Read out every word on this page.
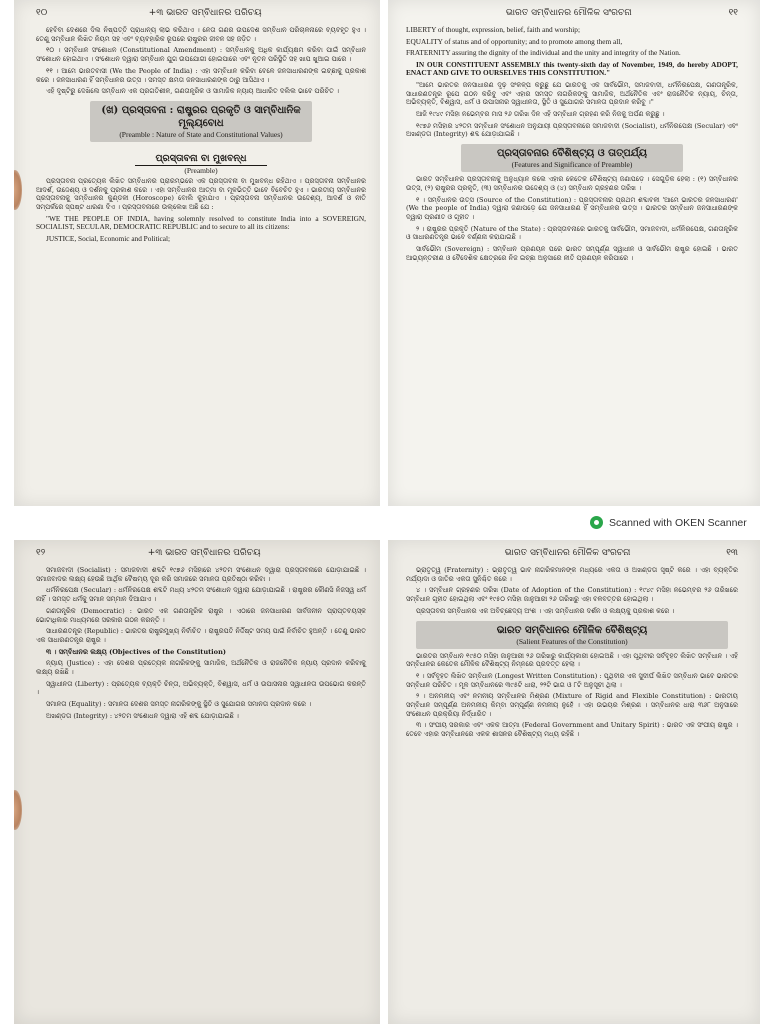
୧୦	+୩ ଭାରତ ସମ୍ବିଧାନର ପରିଚୟ

ହେବିବା ଦେଶରେ ଦିଲ ନିଷ୍ପତ୍ତି ପ୍ରାଧାନ୍ୟ ଲାଭ କରିଥାଏ । ନେତା ଗଣର ଉପଦେଶ ସମ୍ବିଧାନ ପରିଚାଳନାରେ ବ୍ୟବହୃତ ହୁଏ । ତେଣୁ ସମ୍ବିଧାନ ଲିଖିତ ନିୟମ ସହ ଏବଂ ବ୍ୟବହାରିକ ରୂପରେ ରାଷ୍ଟ୍ରର ଜୀବନ ସହ ଜଡ଼ିତ ।

୧୦ । ସମ୍ବିଧାନ ସଂଶୋଧନ (Constitutional Amendment) : ସମ୍ବିଧାନକୁ ଅଧିକ କାର୍ଯ୍ୟକ୍ଷମ କରିବା ପାଇଁ ସମ୍ବିଧାନ ସଂଶୋଧନ ହୋଇଥାଏ । ସଂଶୋଧନ ଦ୍ୱାରା ସମ୍ବିଧାନ ଯୁଗ ଉପଯୋଗୀ ହୋଇପାରେ ଏବଂ ନୂତନ ପରିସ୍ଥିତି ସହ ଖାପ ଖୁଆଇ ପାରେ ।

୧୧ । ଆମେ ଭାରତବାସୀ (We the People of India) : ଏହା ସମ୍ବିଧାନ କରିବା ବେଳେ ଜନସାଧାରଣଙ୍କ ଇଚ୍ଛାକୁ ପ୍ରକାଶ କରେ । ଜନସାଧାରଣ ହିଁ ସମ୍ବିଧାନର ଉତ୍ସ । ସମସ୍ତ କ୍ଷମତା ଜନସାଧାରଣଙ୍କ ଠାରୁ ଆସିଥାଏ ।

ଏହି ଦୃଷ୍ଟିରୁ ଦେଖିଲେ ସମ୍ବିଧାନ ଏକ ପ୍ରଗତିଶୀଳ, ଗଣତାନ୍ତ୍ରିକ ଓ ସାମାଜିକ ନ୍ୟାୟ ଆଧାରିତ ଦଲିଲ ଭାବେ ପରିଚିତ ।

(ଖ) ପ୍ରସ୍ତାବନା : ରାଷ୍ଟ୍ରର ପ୍ରକୃତି ଓ ସାମ୍ବିଧାନିକ ମୂଲ୍ୟବୋଧ
(Preamble : Nature of State and Constitutional Values)
ପ୍ରସ୍ତାବନା ବା ମୁଖବନ୍ଧ
(Preamble)

ପ୍ରସ୍ତାବନା ପ୍ରତ୍ୟେକ ଲିଖିତ ସମ୍ବିଧାନର ପ୍ରାରମ୍ଭରେ ଏକ ପ୍ରସ୍ତାବନା ବା ମୁଖବନ୍ଧ ରହିଥାଏ । ପ୍ରସ୍ତାବନା ସମ୍ବିଧାନର ଆଦର୍ଶ, ଉଦ୍ଦେଶ୍ୟ ଓ ଦର୍ଶନକୁ ପ୍ରକାଶ କରେ । ଏହା ସମ୍ବିଧାନର ଆତ୍ମା ବା ମୂଳଭିତ୍ତି ଭାବେ ବିବେଚିତ ହୁଏ । ଭାରତୀୟ ସମ୍ବିଧାନର ପ୍ରସ୍ତାବନାକୁ ସମ୍ବିଧାନର କୁଣ୍ଡଳୀ (Horoscope) ବୋଲି କୁହାଯାଏ । ପ୍ରସ୍ତାବନା ସମ୍ବିଧାନର ଉଦ୍ଦେଶ୍ୟ, ଆଦର୍ଶ ଓ ନୀତି ସମ୍ପର୍କରେ ସ୍ପଷ୍ଟ ଧାରଣା ଦିଏ । ପ୍ରସ୍ତାବନାରେ ଉଲ୍ଲେଖ ଅଛି ଯେ :

"WE THE PEOPLE OF INDIA, having solemnly resolved to constitute India into a SOVEREIGN, SOCIALIST, SECULAR, DEMOCRATIC REPUBLIC and to secure to all its citizens:

JUSTICE, Social, Economic and Political;

ଭାରତ ସମ୍ବିଧାନର ମୌଳିକ ସଂରଚନା	୧୧

LIBERTY of thought, expression, belief, faith and worship;

EQUALITY of status and of opportunity; and to promote among them all,

FRATERNITY assuring the dignity of the individual and the unity and integrity of the Nation.

IN OUR CONSTITUENT ASSEMBLY this twenty-sixth day of November, 1949, do hereby ADOPT, ENACT AND GIVE TO OURSELVES THIS CONSTITUTION."

"ଆମେ ଭାରତର ଜନସାଧାରଣ ଦୃଢ଼ ସଂକଳ୍ପ କରୁଛୁ ଯେ ଭାରତକୁ ଏକ ସାର୍ବଭୌମ, ସମାଜବାଦୀ, ଧର୍ମନିରପେକ୍ଷ, ଗଣତାନ୍ତ୍ରିକ, ସାଧାରଣତନ୍ତ୍ର ରୂପେ ଗଠନ କରିବୁ ଏବଂ ଏହାର ସମସ୍ତ ନାଗରିକଙ୍କୁ ସାମାଜିକ, ଅର୍ଥନୈତିକ ଏବଂ ରାଜନୈତିକ ନ୍ୟାୟ, ଚିନ୍ତା, ଅଭିବ୍ୟକ୍ତି, ବିଶ୍ୱାସ, ଧର୍ମ ଓ ଉପାସନାର ସ୍ୱାଧୀନତା, ସ୍ଥିତି ଓ ସୁଯୋଗର ସମାନତା ପ୍ରଦାନ କରିବୁ ।"

ଆଜି ୧୯୪୯ ମସିହା ନଭେମ୍ବର ମାସ ୨୬ ତାରିଖ ଦିନ ଏହି ସମ୍ବିଧାନ ଗ୍ରହଣ କରି ନିଜକୁ ଅର୍ପଣ କରୁଛୁ ।

୧୯୭୬ ମସିହାର ୪୨ତମ ସମ୍ବିଧାନ ସଂଶୋଧନ ଅନୁଯାୟୀ ପ୍ରସ୍ତାବନାରେ ସମାଜବାଦୀ (Socialist), ଧର୍ମନିରପେକ୍ଷ (Secular) ଏବଂ ଅଖଣ୍ଡତା (Integrity) ଶବ୍ଦ ଯୋଡ଼ାଯାଇଛି ।

ପ୍ରସ୍ତାବନାର ବୈଶିଷ୍ଟ୍ୟ ଓ ତାତ୍ପର୍ଯ୍ୟ
(Features and Significance of Preamble)

ଭାରତ ସମ୍ବିଧାନର ପ୍ରସ୍ତାବନାକୁ ଅନୁଧ୍ୟାନ କଲେ ଏହାର କେତେକ ବୈଶିଷ୍ଟ୍ୟ ଜଣାପଡ଼େ । ସେଗୁଡ଼ିକ ହେଲା : (୧) ସମ୍ବିଧାନର ଉତ୍ସ, (୨) ରାଷ୍ଟ୍ରର ପ୍ରକୃତି, (୩) ସମ୍ବିଧାନର ଉଦ୍ଦେଶ୍ୟ ଓ (୪) ସମ୍ବିଧାନ ଗ୍ରହଣର ତାରିଖ ।

୧ । ସମ୍ବିଧାନର ଉତ୍ସ (Source of the Constitution) : ପ୍ରସ୍ତାବନାର ପ୍ରଥମ ଶବ୍ଦାବଳୀ 'ଆମେ ଭାରତର ଜନସାଧାରଣ' (We the people of India) ଦ୍ୱାରା ଜଣାପଡ଼େ ଯେ ଜନସାଧାରଣ ହିଁ ସମ୍ବିଧାନର ଉତ୍ସ । ଭାରତର ସମ୍ବିଧାନ ଜନସାଧାରଣଙ୍କ ଦ୍ୱାରା ପ୍ରଣୀତ ଓ ଗୃହୀତ ।

୨ । ରାଷ୍ଟ୍ରର ପ୍ରକୃତି (Nature of the State) : ପ୍ରସ୍ତାବନାରେ ଭାରତକୁ ସାର୍ବଭୌମ, ସମାଜବାଦୀ, ଧର୍ମନିରପେକ୍ଷ, ଗଣତାନ୍ତ୍ରିକ ଓ ସାଧାରଣତନ୍ତ୍ର ଭାବେ ବର୍ଣ୍ଣନା କରାଯାଇଛି ।

ସାର୍ବଭୌମ (Sovereign) : ସମ୍ବିଧାନ ପ୍ରଣୟନ ପରେ ଭାରତ ସମ୍ପୂର୍ଣ୍ଣ ସ୍ୱାଧୀନ ଓ ସାର୍ବଭୌମ ରାଷ୍ଟ୍ର ହୋଇଛି । ଭାରତ ଆଭ୍ୟନ୍ତରୀଣ ଓ ବୈଦେଶିକ କ୍ଷେତ୍ରରେ ନିଜ ଇଚ୍ଛା ଅନୁସାରେ ନୀତି ପ୍ରଣୟନ କରିପାରେ ।

Scanned with OKEN Scanner
୧୨	+୩ ଭାରତ ସମ୍ବିଧାନର ପରିଚୟ

ସମାଜବାଦୀ (Socialist) : ସମାଜବାଦୀ ଶବ୍ଦଟି ୧୯୭୬ ମସିହାରେ ୪୨ତମ ସଂଶୋଧନ ଦ୍ୱାରା ପ୍ରସ୍ତାବନାରେ ଯୋଡ଼ାଯାଇଛି । ସମାଜବାଦର ଲକ୍ଷ୍ୟ ହେଉଛି ଆର୍ଥିକ ବୈଷମ୍ୟ ଦୂର କରି ସମାଜରେ ସମାନତା ପ୍ରତିଷ୍ଠା କରିବା ।

ଧର୍ମନିରପେକ୍ଷ (Secular) : ଧର୍ମନିରପେକ୍ଷ ଶବ୍ଦଟି ମଧ୍ୟ ୪୨ତମ ସଂଶୋଧନ ଦ୍ୱାରା ଯୋଡ଼ାଯାଇଛି । ରାଷ୍ଟ୍ରର କୌଣସି ନିଜସ୍ୱ ଧର୍ମ ନାହିଁ । ସମସ୍ତ ଧର୍ମକୁ ସମାନ ସମ୍ମାନ ଦିଆଯାଏ ।

ଗଣତାନ୍ତ୍ରିକ (Democratic) : ଭାରତ ଏକ ଗଣତାନ୍ତ୍ରିକ ରାଷ୍ଟ୍ର । ଏଠାରେ ଜନସାଧାରଣ ସାର୍ବଜନୀନ ପ୍ରାପ୍ତବୟସ୍କ ଭୋଟାଧିକାର ମାଧ୍ୟମରେ ସରକାର ଗଠନ କରନ୍ତି ।

ସାଧାରଣତନ୍ତ୍ର (Republic) : ଭାରତର ରାଷ୍ଟ୍ରମୁଖ୍ୟ ନିର୍ବାଚିତ । ରାଷ୍ଟ୍ରପତି ନିର୍ଦ୍ଦିଷ୍ଟ ସମୟ ପାଇଁ ନିର୍ବାଚିତ ହୁଅନ୍ତି । ତେଣୁ ଭାରତ ଏକ ସାଧାରଣତନ୍ତ୍ର ରାଷ୍ଟ୍ର ।

୩ । ସମ୍ବିଧାନର ଲକ୍ଷ୍ୟ (Objectives of the Constitution)

ନ୍ୟାୟ (Justice) : ଏହା ଦେଶର ପ୍ରତ୍ୟେକ ନାଗରିକଙ୍କୁ ସାମାଜିକ, ଅର୍ଥନୈତିକ ଓ ରାଜନୈତିକ ନ୍ୟାୟ ପ୍ରଦାନ କରିବାକୁ ଲକ୍ଷ୍ୟ ରଖିଛି ।

ସ୍ୱାଧୀନତା (Liberty) : ପ୍ରତ୍ୟେକ ବ୍ୟକ୍ତି ଚିନ୍ତା, ଅଭିବ୍ୟକ୍ତି, ବିଶ୍ୱାସ, ଧର୍ମ ଓ ଉପାସନାର ସ୍ୱାଧୀନତା ଉପଭୋଗ କରନ୍ତି ।

ସମାନତା (Equality) : ସମାନତା ଦେଶର ସମସ୍ତ ନାଗରିକଙ୍କୁ ସ୍ଥିତି ଓ ସୁଯୋଗର ସମାନତା ପ୍ରଦାନ କରେ ।

ଅଖଣ୍ଡତା (Integrity) : ୪୨ତମ ସଂଶୋଧନ ଦ୍ୱାରା ଏହି ଶବ୍ଦ ଯୋଡ଼ାଯାଇଛି ।

ଭାରତ ସମ୍ବିଧାନର ମୌଳିକ ସଂରଚନା	୧୩

ଭ୍ରାତୃତ୍ୱ (Fraternity) : ଭ୍ରାତୃତ୍ୱ ଭାବ ନାଗରିକମାନଙ୍କ ମଧ୍ୟରେ ଏକତା ଓ ଅଖଣ୍ଡତା ସୃଷ୍ଟି କରେ । ଏହା ବ୍ୟକ୍ତିର ମର୍ଯ୍ୟାଦା ଓ ଜାତିର ଏକତା ସୁନିଶ୍ଚିତ କରେ ।

୪ । ସମ୍ବିଧାନ ଗ୍ରହଣର ତାରିଖ (Date of Adoption of the Constitution) : ୧୯୪୯ ମସିହା ନଭେମ୍ବର ୨୬ ତାରିଖରେ ସମ୍ବିଧାନ ଗୃହୀତ ହୋଇଥିଲା ଏବଂ ୧୯୫୦ ମସିହା ଜାନୁଆରୀ ୨୬ ତାରିଖରୁ ଏହା ବଳବତ୍ତର ହୋଇଥିଲା ।

ପ୍ରସ୍ତାବନା ସମ୍ବିଧାନର ଏକ ଅବିଚ୍ଛେଦ୍ୟ ଅଂଶ । ଏହା ସମ୍ବିଧାନର ଦର୍ଶନ ଓ ଲକ୍ଷ୍ୟକୁ ପ୍ରକାଶ କରେ ।

ଭାରତ ସମ୍ବିଧାନର ମୌଳିକ ବୈଶିଷ୍ଟ୍ୟ
(Salient Features of the Constitution)

ଭାରତର ସମ୍ବିଧାନ ୧୯୫୦ ମସିହା ଜାନୁଆରୀ ୨୬ ତାରିଖରୁ କାର୍ଯ୍ୟକାରୀ ହୋଇଅଛି । ଏହା ପୃଥିବୀର ସର୍ବବୃହତ ଲିଖିତ ସମ୍ବିଧାନ । ଏହି ସମ୍ବିଧାନର କେତେକ ମୌଳିକ ବୈଶିଷ୍ଟ୍ୟ ନିମ୍ନରେ ପ୍ରଦତ୍ତ ହେଲା ।

୧ । ସର୍ବବୃହତ ଲିଖିତ ସମ୍ବିଧାନ (Longest Written Constitution) : ପୃଥିବୀର ଏକ ସୁଦୀର୍ଘ ଲିଖିତ ସମ୍ବିଧାନ ଭାବେ ଭାରତର ସମ୍ବିଧାନ ପରିଚିତ । ମୂଳ ସମ୍ବିଧାନରେ ୩୯୫ଟି ଧାରା, ୨୨ଟି ଭାଗ ଓ ୮ଟି ଅନୁସୂଚୀ ଥିଲା ।

୨ । ଅନମନୀୟ ଏବଂ ନମନୀୟ ସମ୍ବିଧାନର ମିଶ୍ରଣ (Mixture of Rigid and Flexible Constitution) : ଭାରତୀୟ ସମ୍ବିଧାନ ସମ୍ପୂର୍ଣ୍ଣ ଅନମନୀୟ କିମ୍ବା ସମ୍ପୂର୍ଣ୍ଣ ନମନୀୟ ନୁହେଁ । ଏହା ଉଭୟର ମିଶ୍ରଣ । ସମ୍ବିଧାନର ଧାରା ୩୬୮ ଅନୁସାରେ ସଂଶୋଧନ ପ୍ରକ୍ରିୟା ନିର୍ଦ୍ଧାରିତ ।

୩ । ସଂଘୀୟ ସରକାର ଏବଂ ଏକକ ଆତ୍ମା (Federal Government and Unitary Spirit) : ଭାରତ ଏକ ସଂଘୀୟ ରାଷ୍ଟ୍ର । ତେବେ ଏହାର ସମ୍ବିଧାନରେ ଏକକ ଶାସନର ବୈଶିଷ୍ଟ୍ୟ ମଧ୍ୟ ରହିଛି ।
